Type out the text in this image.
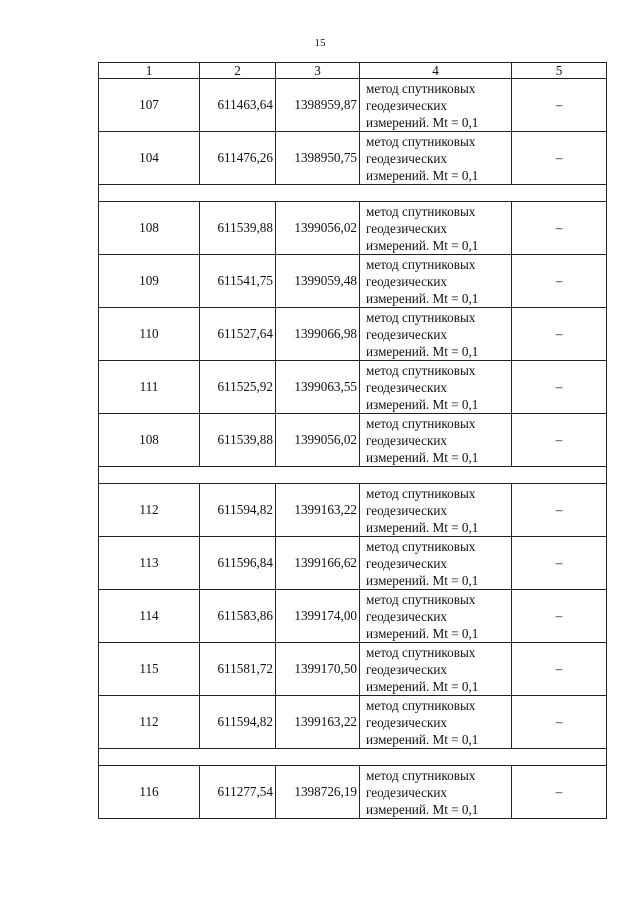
15
1	2	3	4	5
107	611463,64	1398959,87	метод спутниковых
геодезических
измерений. Mt = 0,1	–
104	611476,26	1398950,75	метод спутниковых
геодезических
измерений. Mt = 0,1	–

108	611539,88	1399056,02	метод спутниковых
геодезических
измерений. Mt = 0,1	–
109	611541,75	1399059,48	метод спутниковых
геодезических
измерений. Mt = 0,1	–
110	611527,64	1399066,98	метод спутниковых
геодезических
измерений. Mt = 0,1	–
111	611525,92	1399063,55	метод спутниковых
геодезических
измерений. Mt = 0,1	–
108	611539,88	1399056,02	метод спутниковых
геодезических
измерений. Mt = 0,1	–

112	611594,82	1399163,22	метод спутниковых
геодезических
измерений. Mt = 0,1	–
113	611596,84	1399166,62	метод спутниковых
геодезических
измерений. Mt = 0,1	–
114	611583,86	1399174,00	метод спутниковых
геодезических
измерений. Mt = 0,1	–
115	611581,72	1399170,50	метод спутниковых
геодезических
измерений. Mt = 0,1	–
112	611594,82	1399163,22	метод спутниковых
геодезических
измерений. Mt = 0,1	–

116	611277,54	1398726,19	метод спутниковых
геодезических
измерений. Mt = 0,1	–
